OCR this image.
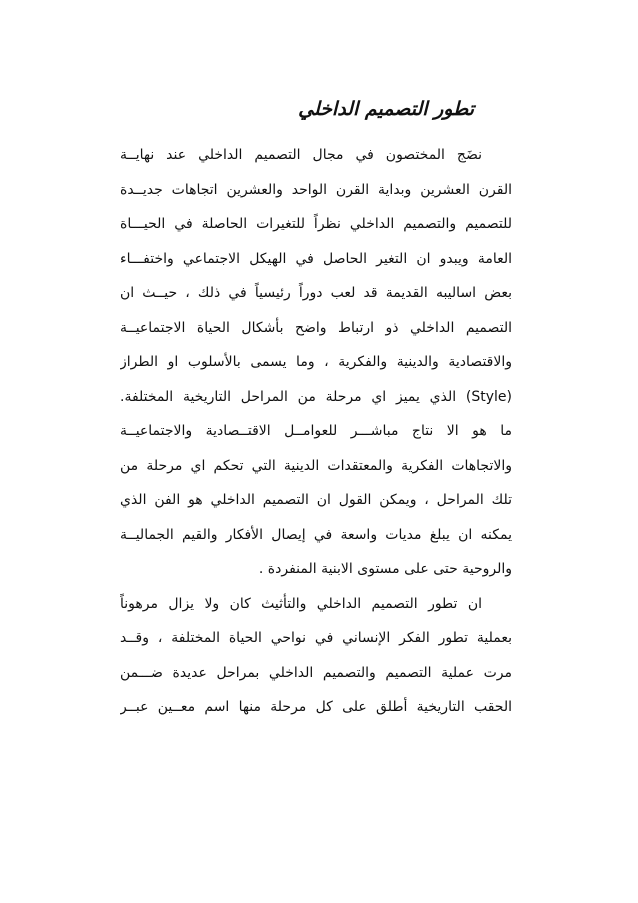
تطور التصميم الداخلي
نضَج المختصون في مجال التصميم الداخلي عند نهايــة
القرن العشرين وبداية القرن الواحد والعشرين اتجاهات جديــدة
للتصميم والتصميم الداخلي نظراً للتغيرات الحاصلة في الحيـــاة
العامة ويبدو ان التغير الحاصل في الهيكل الاجتماعي واختفـــاء
بعض اساليبه القديمة قد لعب دوراً رئيسياً في ذلك ، حيــث ان
التصميم الداخلي ذو ارتباط واضح بأشكال الحياة الاجتماعيــة
والاقتصادية والدينية والفكرية ، وما يسمى بالأسلوب او الطراز
(Style) الذي يميز اي مرحلة من المراحل التاريخية المختلفة.
ما هو الا نتاج مباشـــر للعوامــل الاقتــصادية والاجتماعيــة
والاتجاهات الفكرية والمعتقدات الدينية التي تحكم اي مرحلة من
تلك المراحل ، ويمكن القول ان التصميم الداخلي هو الفن الذي
يمكنه ان يبلغ مديات واسعة في إيصال الأفكار والقيم الجماليــة
والروحية حتى على مستوى الابنية المنفردة .
ان تطور التصميم الداخلي والتأثيث كان ولا يزال مرهوناً
بعملية تطور الفكر الإنساني في نواحي الحياة المختلفة ، وقــد
مرت عملية التصميم والتصميم الداخلي بمراحل عديدة ضـــمن
الحقب التاريخية أطلق على كل مرحلة منها اسم معــين عبــر
